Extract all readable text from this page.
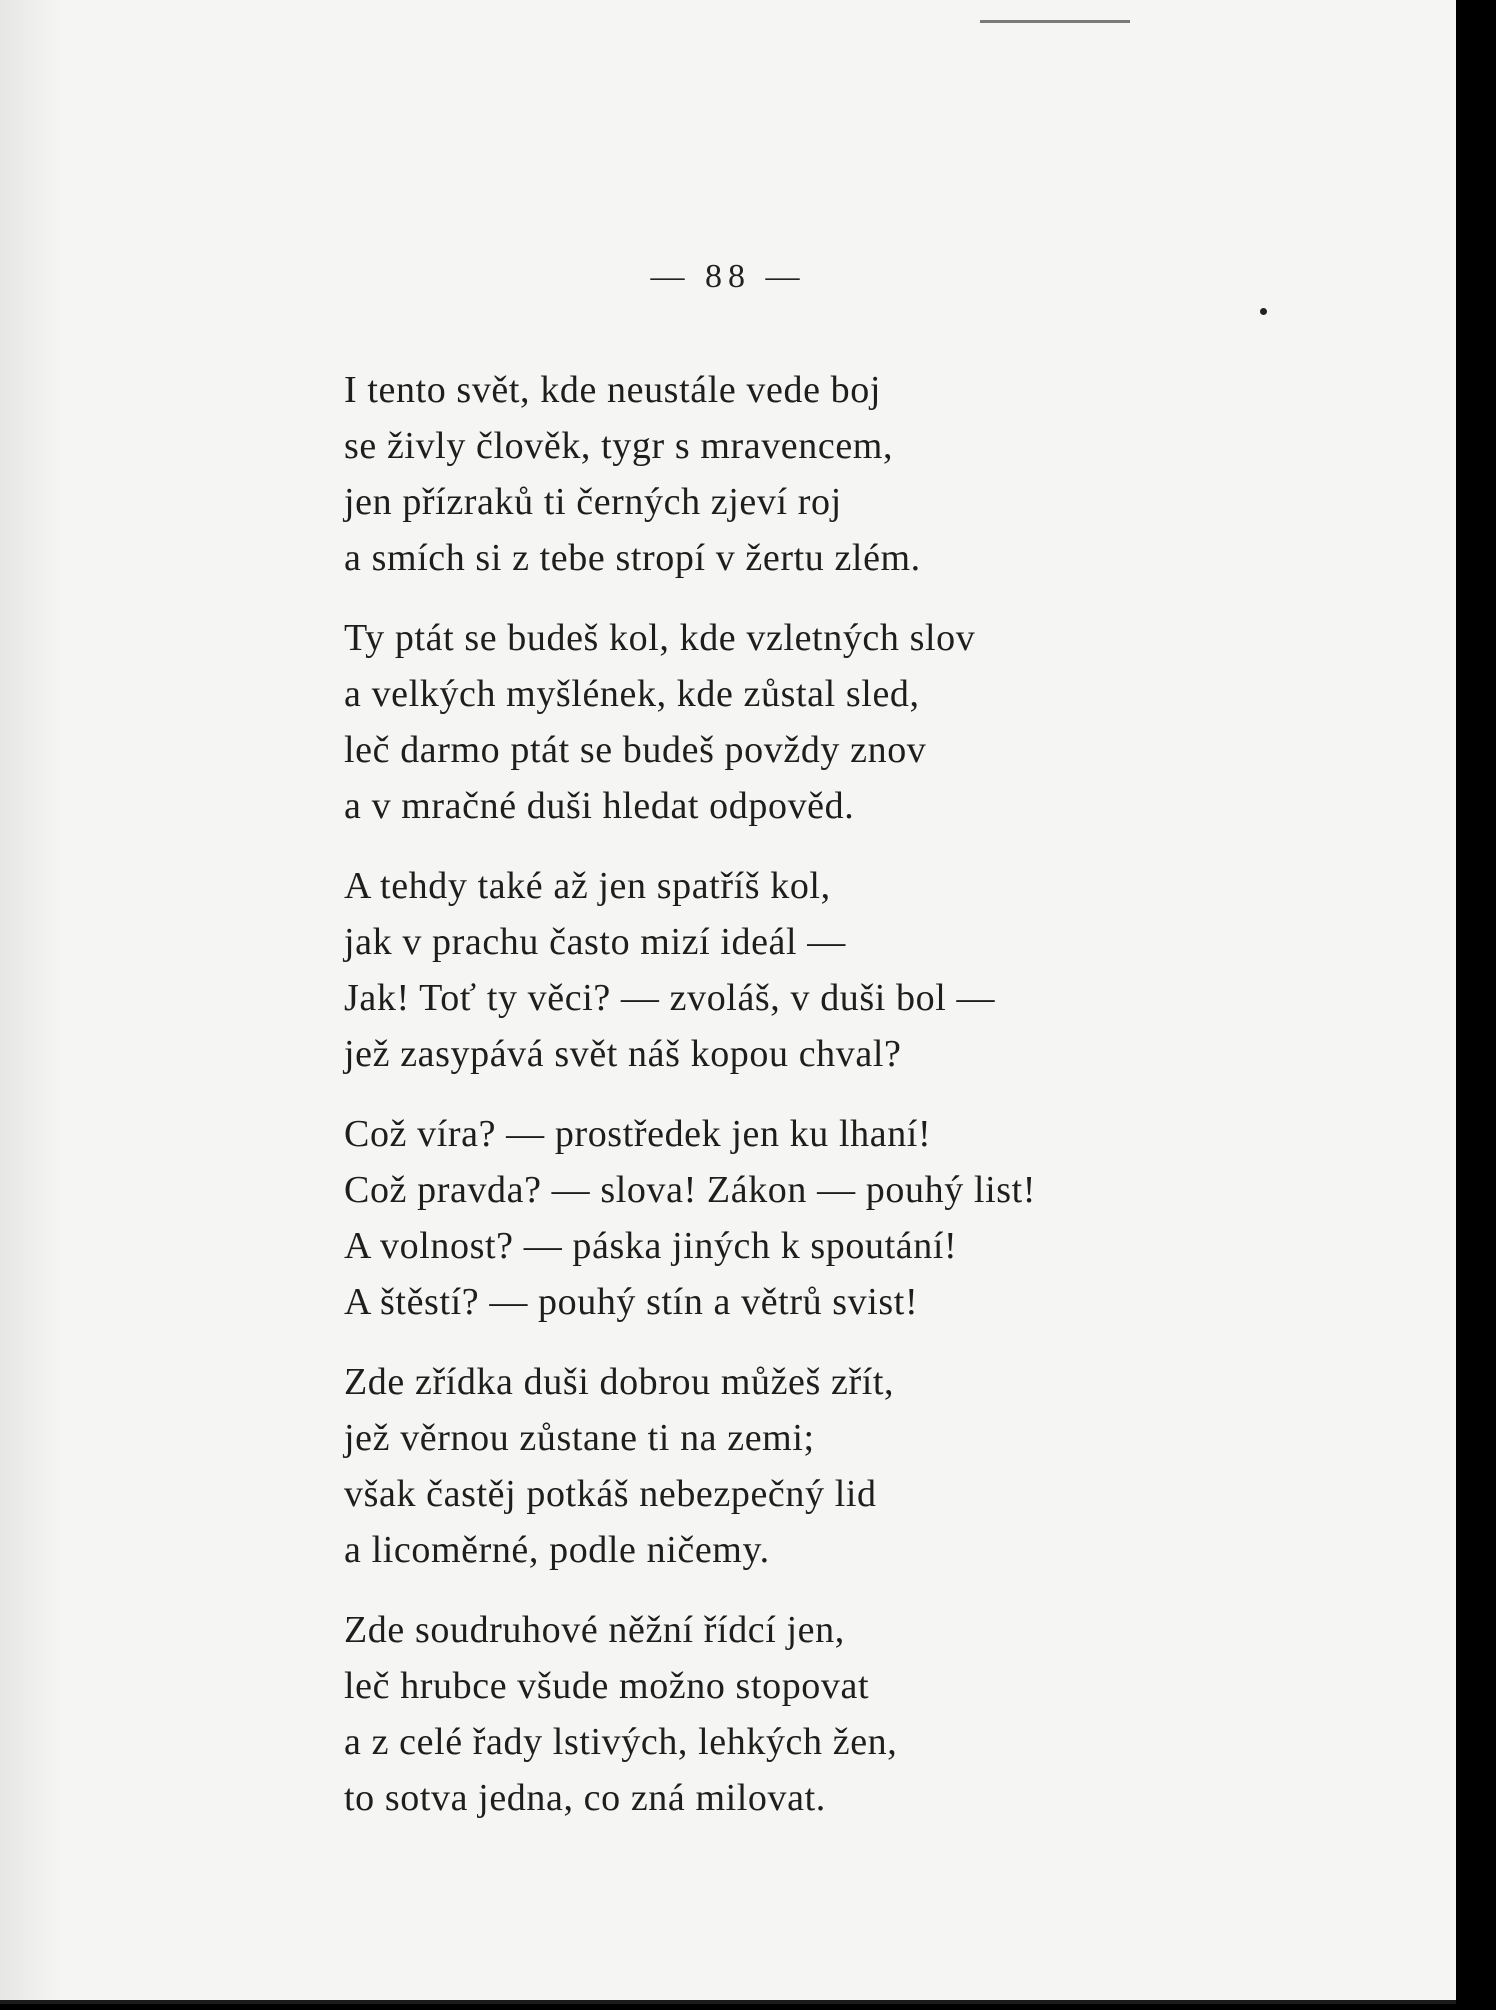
— 88 —
I tento svět, kde neustále vede boj
se živly člověk, tygr s mravencem,
jen přízraků ti černých zjeví roj
a smích si z tebe stropí v žertu zlém.
Ty ptát se budeš kol, kde vzletných slov
a velkých myšlének, kde zůstal sled,
leč darmo ptát se budeš povždy znov
a v mračné duši hledat odpověd.
A tehdy také až jen spatříš kol,
jak v prachu často mizí ideál —
Jak! Toť ty věci? — zvoláš, v duši bol —
jež zasypává svět náš kopou chval?
Což víra? — prostředek jen ku lhaní!
Což pravda? — slova! Zákon — pouhý list!
A volnost? — páska jiných k spoutání!
A štěstí? — pouhý stín a větrů svist!
Zde zřídka duši dobrou můžeš zřít,
jež věrnou zůstane ti na zemi;
však častěj potkáš nebezpečný lid
a licoměrné, podle ničemy.
Zde soudruhové něžní řídcí jen,
leč hrubce všude možno stopovat
a z celé řady lstivých, lehkých žen,
to sotva jedna, co zná milovat.
